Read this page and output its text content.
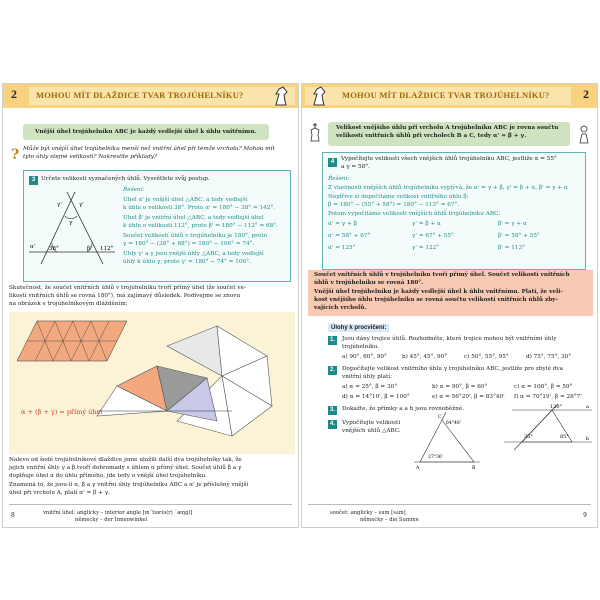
2 MOHOU MÍT DLAŽDICE TVAR TROJÚHELNÍKU?
Vnější úhel trojúhelníku ABC je každý vedlejší úhel k úhlu vnitřnímu.
? Může být vnější úhel trojúhelníku menší než vnitřní úhel při témže vrcholu? Mohou mít
tyto úhly stejné velikosti? Nakreslíte příklady?
3	Určete velikosti vyznačených úhlů. Vysvětlete svůj postup.
α'	38°	β' 112°
γ
γ'	γ'
Řešení:
Úhel α' je vnější úhel △ABC, a tedy vedlejší
k úhlu o velikosti 38°. Proto α' = 180° − 38° = 142°.
Úhel β' je vnitřní úhel △ABC, a tedy vedlejší úhel
k úhlu o velikosti 112°, proto β' = 180° − 112° = 68°.
Součet velikostí úhlů v trojúhelníku je 180°, proto
γ = 180° − (38° + 68°) = 180° − 106° = 74°.
Úhly γ' a γ jsou vnější úhly △ABC, a tedy vedlejší
úhly k úhlu γ, proto γ' = 180° − 74° = 106°.
Skutečnost, že součet vnitřních úhlů v trojúhelníku tvoří přímý úhel (že součet ve-
likostí vnitřních úhlů se rovná 180°), má zajímavý důsledek. Podívejme se znovu
na obrázek s trojúhelníkovým dlážděním:
α + (β + γ) = přímý úhel
Nalevo od šedé trojúhelníkové dlaždice jsme uložili další dva trojúhelníky tak, že
jejich vnitřní úhly γ a β tvoří dohromady s úhlem α přímý úhel. Součet úhlů β a γ
doplňuje úhel α do úhlu přímého, jde tedy o vnější úhel trojúhelníku.
Znamená to, že jsou-li α, β a γ vnitřní úhly trojúhelníku ABC a α' je příslušný vnější
úhel při vrcholu A, platí α' = β + γ.
8	vnitřní úhel: anglicky – interior angle [ɪn´tɪəriə(r) ´æŋɡl]
německy – der Innenwinkel
MOHOU MÍT DLAŽDICE TVAR TROJÚHELNÍKU?	2
Velikost vnějšího úhlu při vrcholu A trojúhelníku ABC je rovna součtu
velikostí vnitřních úhlů při vrcholech B a C, tedy α' = β + γ.
4	Vypočítejte velikosti všech vnějších úhlů trojúhelníku ABC, jestliže α = 55°
a γ = 58°.
Řešení:
Z vlastnosti vnějších úhlů trojúhelníku vyplývá, že α' = γ + β, γ' = β + α, β' = γ + α
Nejdříve si dopočítáme velikost vnitřního úhlu β:
β = 180° − (55° + 58°) = 180° − 113° = 67°.
Potom vypočítáme velikosti vnějších úhlů trojúhelníku ABC:
α' = γ + β	γ' = β + α	β' = γ + α
α' = 58° + 67°	γ' = 67° + 55°	β' = 58° + 55°
α' = 125°	γ' = 122°	β' = 113°
Součet vnitřních úhlů v trojúhelníku tvoří přímý úhel. Součet velikostí vnitřních
úhlů v trojúhelníku se rovná 180°.
Vnější úhel trojúhelníku je každý vedlejší úhel k úhlu vnitřnímu. Platí, že veli-
kost vnějšího úhlu trojúhelníku se rovná součtu velikostí vnitřních úhlů zby-
vajících vrcholů.
Úlohy k procvičení:
1.	Jsou dány trojice úhlů. Rozhodněte, které trojice mohou být vnitřními úhly
trojúhelníku.
a) 90°, 60°, 90°	b) 45°, 45°, 90°	c) 50°, 55°, 95°	d) 75°, 75°, 30°
2.	Dopočítejte velikost vnitřního úhlu γ trojúhelníku ABC, jestliže pro zbylé dva
vnitřní úhly platí:
a) α = 25°, β = 30°	b) α = 90°, β = 60°	c) α = 108°, β = 59°
d) α = 14°10', β = 100°	e) α = 56°20', β = 83°40' f) α = 70°19', β = 28°7'
3.	Dokažte, že přímky a a b jsou rovnoběžné.	120°
35°	85°
a
b
4.	Vypočítejte velikosti
vnějších úhlů △ABC.
64°48'
27°36'
A	B
C
9
součet: anglicky – sum [sʌm]
německy – die Summe
